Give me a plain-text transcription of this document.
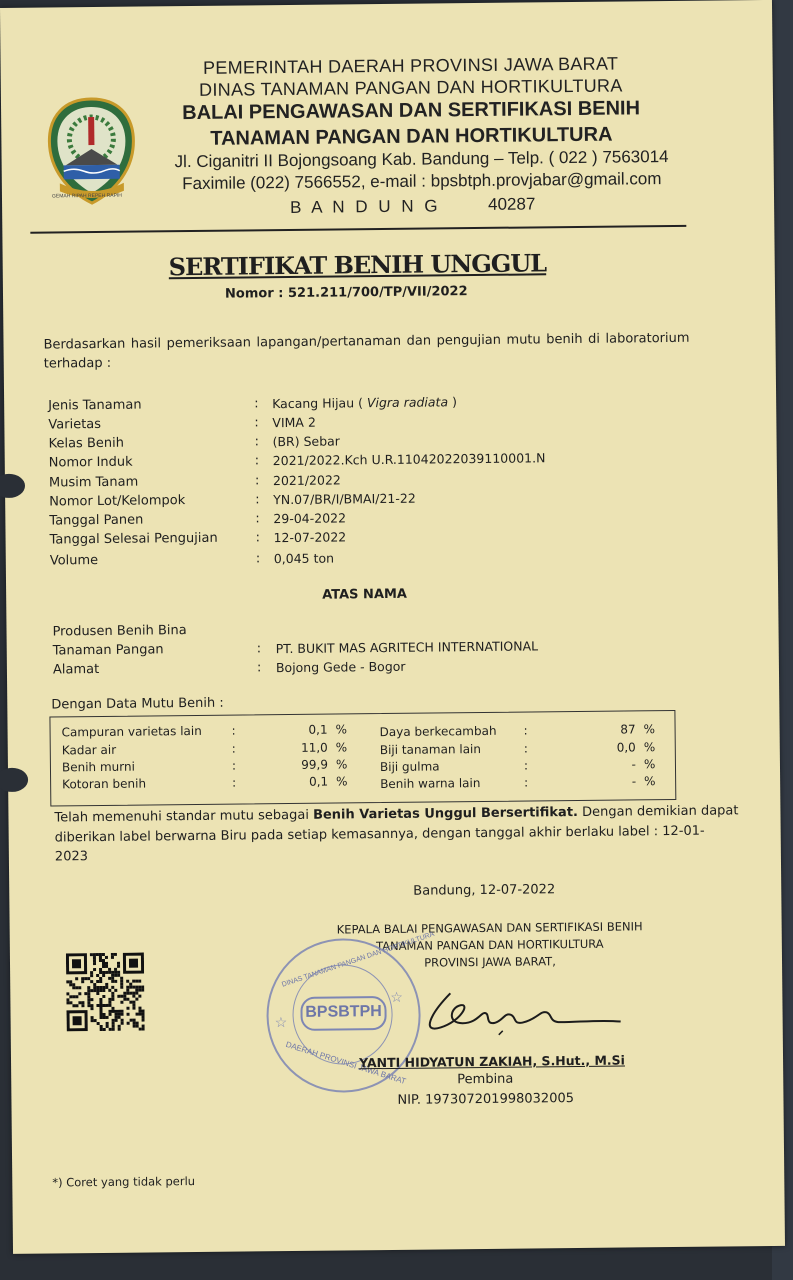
GEMAH RIPAH REPEH RAPIH
PEMERINTAH DAERAH PROVINSI JAWA BARAT
DINAS TANAMAN PANGAN DAN HORTIKULTURA
BALAI PENGAWASAN DAN SERTIFIKASI BENIH
TANAMAN PANGAN DAN HORTIKULTURA
Jl. Ciganitri II Bojongsoang Kab. Bandung – Telp. ( 022 ) 7563014
Faximile (022) 7566552, e-mail : bpsbtph.provjabar@gmail.com
B A N D U N G	40287
SERTIFIKAT BENIH UNGGUL
Nomor : 521.211/700/TP/VII/2022
Berdasarkan hasil pemeriksaan lapangan/pertanaman dan pengujian mutu benih di laboratorium terhadap :
Jenis Tanaman	: Kacang Hijau ( Vigra radiata )
Varietas	: VIMA 2
Kelas Benih	: (BR) Sebar
Nomor Induk	: 2021/2022.Kch U.R.11042022039110001.N
Musim Tanam	: 2021/2022
Nomor Lot/Kelompok	: YN.07/BR/I/BMAI/21-22
Tanggal Panen	: 29-04-2022
Tanggal Selesai Pengujian	: 12-07-2022
Volume	: 0,045 ton
ATAS NAMA
Produsen Benih Bina
Tanaman Pangan	: PT. BUKIT MAS AGRITECH INTERNATIONAL
Alamat	: Bojong Gede - Bogor
Dengan Data Mutu Benih :
Campuran varietas lain :	0,1 %
Kadar air	:	11,0 %
Benih murni	:	99,9 %
Kotoran benih	:	0,1 %
Daya berkecambah :	87 %
Biji tanaman lain	:	0,0 %
Biji gulma	:	- %
Benih warna lain	:	- %
Telah memenuhi standar mutu sebagai Benih Varietas Unggul Bersertifikat. Dengan demikian dapat
diberikan label berwarna Biru pada setiap kemasannya, dengan tanggal akhir berlaku label : 12-01-
2023
Bandung, 12-07-2022
KEPALA BALAI PENGAWASAN DAN SERTIFIKASI BENIH
TANAMAN PANGAN DAN HORTIKULTURA
PROVINSI JAWA BARAT,
DINAS TANAMAN PANGAN DAN HORTIKULTURA
BPSBTPH
DAERAH PROVINSI JAWA BARAT
☆
☆
YANTI HIDYATUN ZAKIAH, S.Hut., M.Si
Pembina
NIP. 197307201998032005
*) Coret yang tidak perlu
